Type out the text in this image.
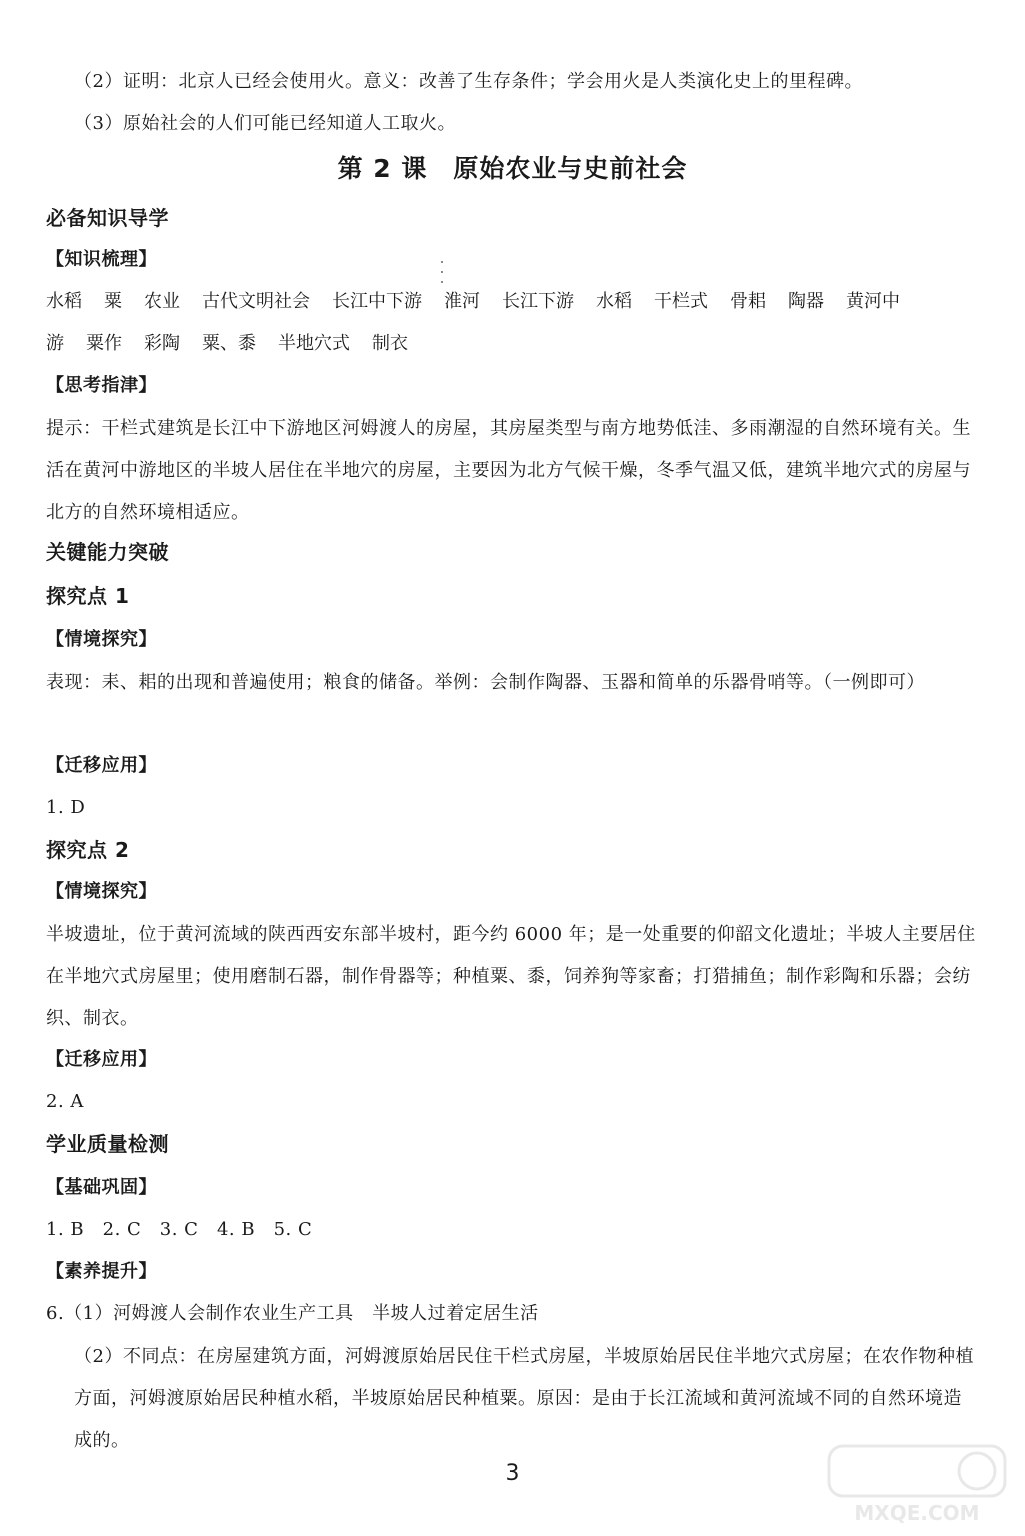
（2）证明：北京人已经会使用火。意义：改善了生存条件；学会用火是人类演化史上的里程碑。
（3）原始社会的人们可能已经知道人工取火。
第 2 课　原始农业与史前社会
必备知识导学
【知识梳理】
水稻 粟 农业 古代文明社会 长江中下游 淮河 长江下游 水稻 干栏式 骨耜 陶器 黄河中
游 粟作 彩陶 粟、黍 半地穴式 制衣
【思考指津】
提示：干栏式建筑是长江中下游地区河姆渡人的房屋，其房屋类型与南方地势低洼、多雨潮湿的自然环境有关。生活在黄河中游地区的半坡人居住在半地穴的房屋，主要因为北方气候干燥，冬季气温又低，建筑半地穴式的房屋与北方的自然环境相适应。
关键能力突破
探究点 1
【情境探究】
表现：耒、耜的出现和普遍使用；粮食的储备。举例：会制作陶器、玉器和简单的乐器骨哨等。（一例即可）
【迁移应用】
1. D
探究点 2
【情境探究】
半坡遗址，位于黄河流域的陕西西安东部半坡村，距今约 6000 年；是一处重要的仰韶文化遗址；半坡人主要居住在半地穴式房屋里；使用磨制石器，制作骨器等；种植粟、黍，饲养狗等家畜；打猎捕鱼；制作彩陶和乐器；会纺织、制衣。
【迁移应用】
2. A
学业质量检测
【基础巩固】
1. B　2. C　3. C　4. B　5. C
【素养提升】
6.（1）河姆渡人会制作农业生产工具　半坡人过着定居生活
（2）不同点：在房屋建筑方面，河姆渡原始居民住干栏式房屋，半坡原始居民住半地穴式房屋；在农作物种植方面，河姆渡原始居民种植水稻，半坡原始居民种植粟。原因：是由于长江流域和黄河流域不同的自然环境造成的。
3
MXQE.COM
